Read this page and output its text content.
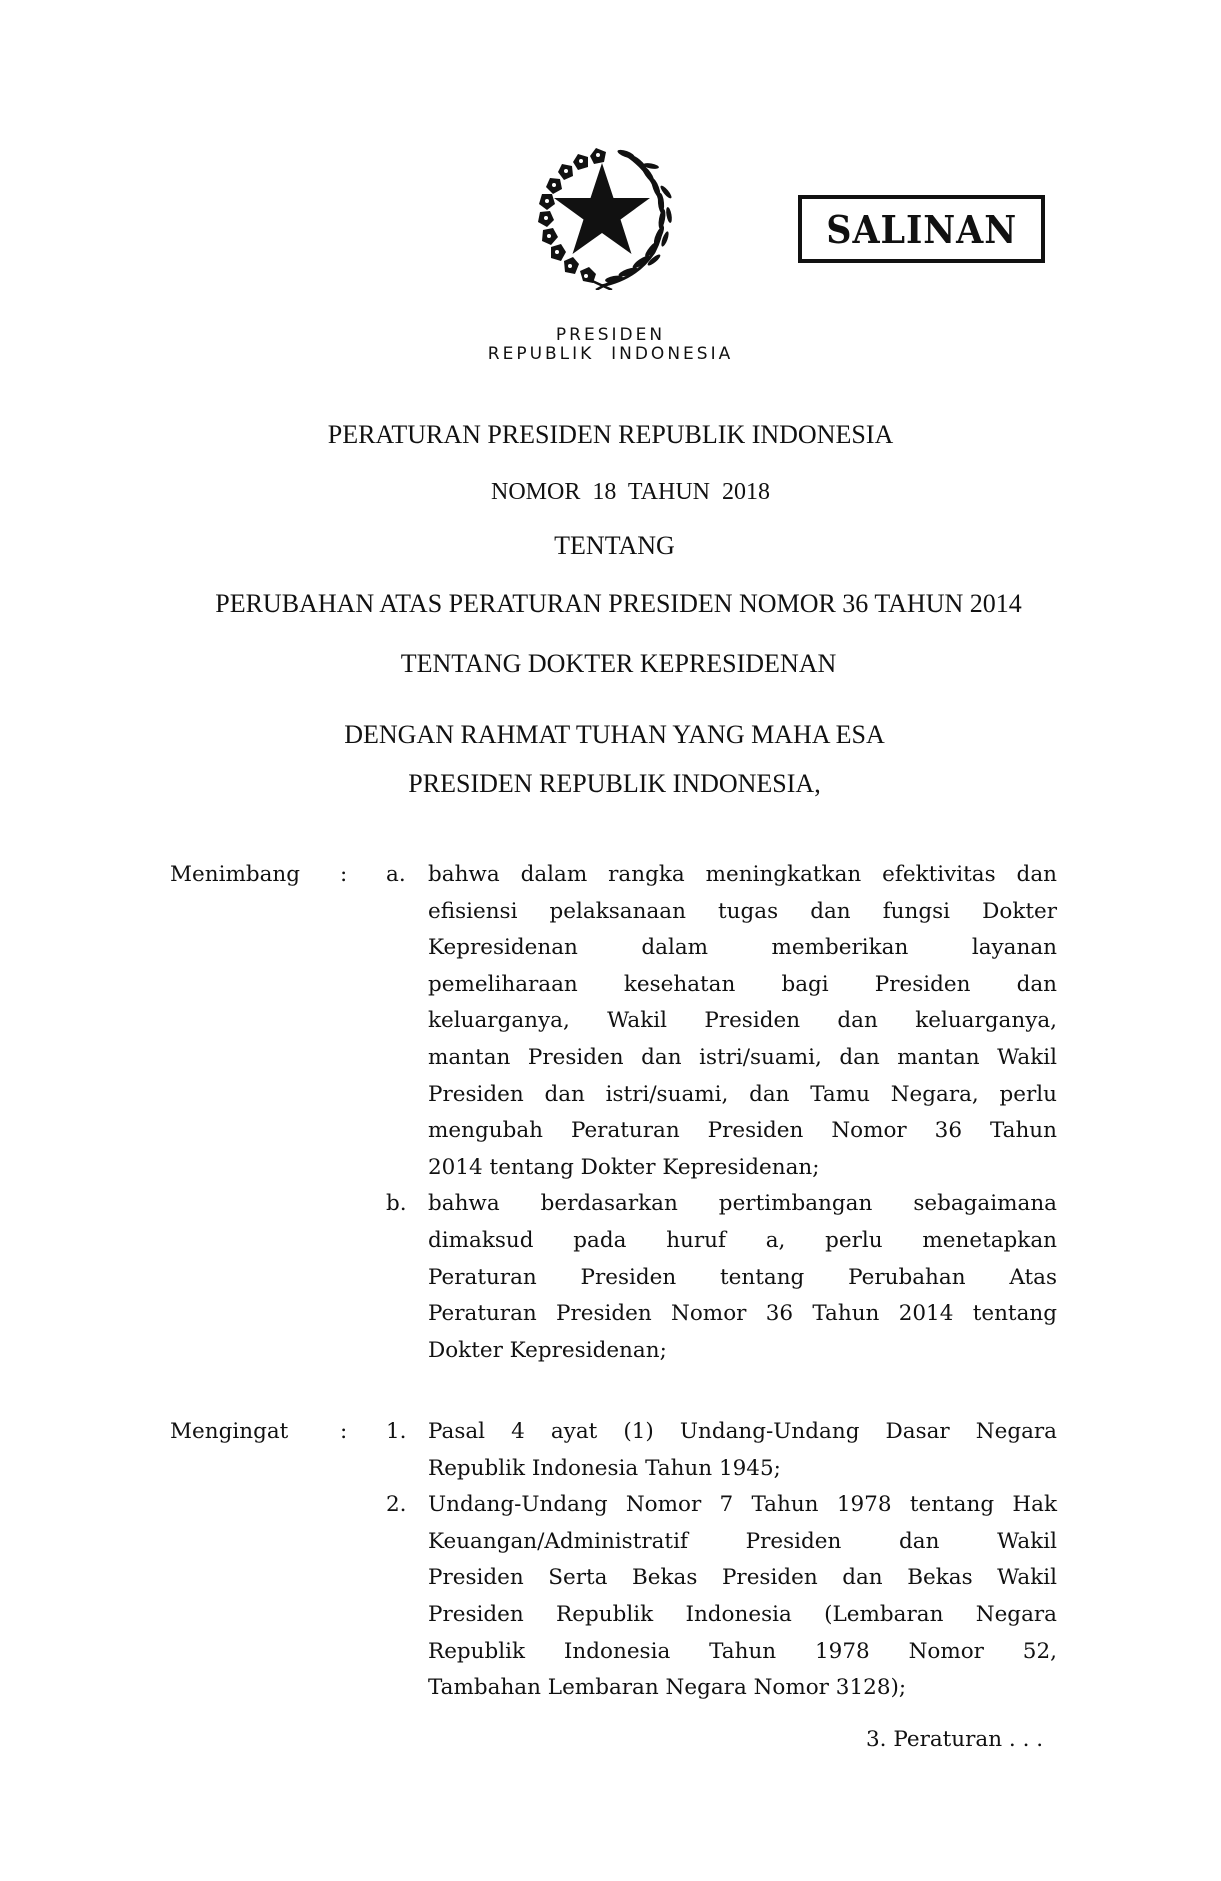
SALINAN
PRESIDEN
REPUBLIK  INDONESIA
PERATURAN PRESIDEN REPUBLIK INDONESIA
NOMOR  18  TAHUN  2018
TENTANG
PERUBAHAN ATAS PERATURAN PRESIDEN NOMOR 36 TAHUN 2014
TENTANG DOKTER KEPRESIDENAN
DENGAN RAHMAT TUHAN YANG MAHA ESA
PRESIDEN REPUBLIK INDONESIA,
Menimbang : a. bahwa dalam rangka meningkatkan efektivitas dan
efisiensi pelaksanaan tugas dan fungsi Dokter
Kepresidenan dalam memberikan layanan
pemeliharaan kesehatan bagi Presiden dan
keluarganya, Wakil Presiden dan keluarganya,
mantan Presiden dan istri/suami, dan mantan Wakil
Presiden dan istri/suami, dan Tamu Negara, perlu
mengubah Peraturan Presiden Nomor 36 Tahun
2014 tentang Dokter Kepresidenan;
b. bahwa berdasarkan pertimbangan sebagaimana
dimaksud pada huruf a, perlu menetapkan
Peraturan Presiden tentang Perubahan Atas
Peraturan Presiden Nomor 36 Tahun 2014 tentang
Dokter Kepresidenan;
Mengingat : 1. Pasal 4 ayat (1) Undang-Undang Dasar Negara
Republik Indonesia Tahun 1945;
2. Undang-Undang Nomor 7 Tahun 1978 tentang Hak
Keuangan/Administratif Presiden dan Wakil
Presiden Serta Bekas Presiden dan Bekas Wakil
Presiden Republik Indonesia (Lembaran Negara
Republik Indonesia Tahun 1978 Nomor 52,
Tambahan Lembaran Negara Nomor 3128);
3. Peraturan . . .
